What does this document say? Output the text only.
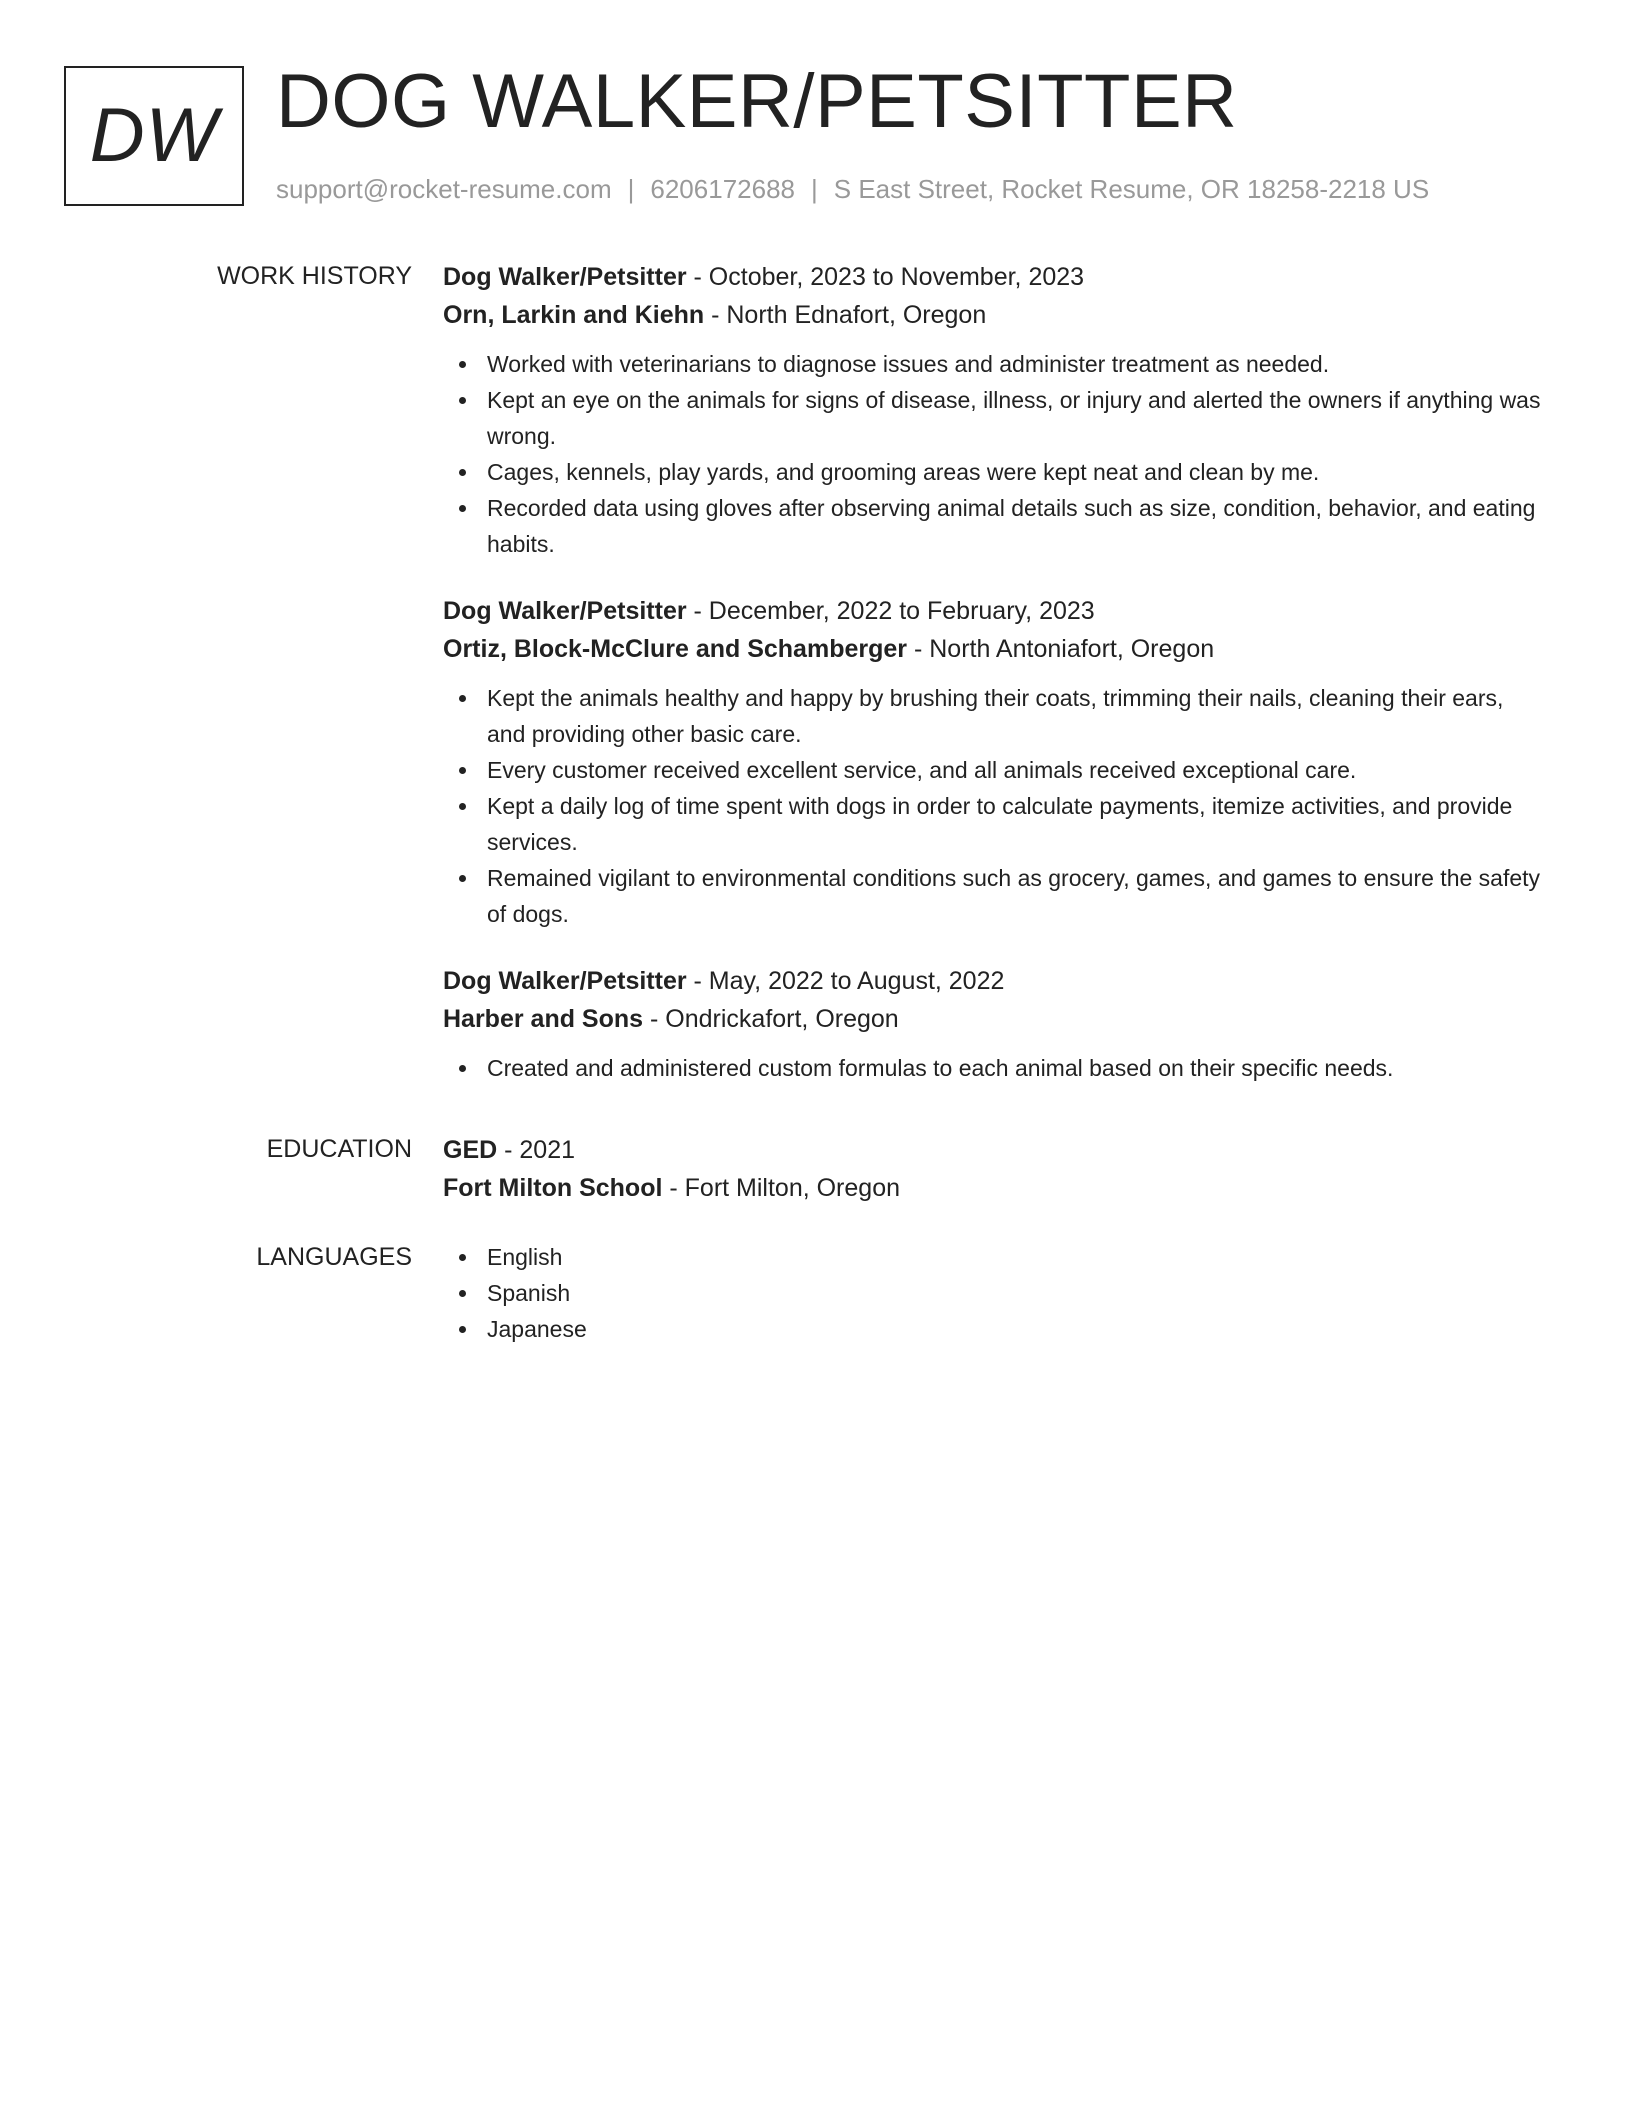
DW DOG WALKER/PETSITTER
support@rocket-resume.com | 6206172688 | S East Street, Rocket Resume, OR 18258-2218 US
WORK HISTORY Dog Walker/Petsitter - October, 2023 to November, 2023
Orn, Larkin and Kiehn - North Ednafort, Oregon
Worked with veterinarians to diagnose issues and administer treatment as needed.
Kept an eye on the animals for signs of disease, illness, or injury and alerted the owners if anything was wrong.
Cages, kennels, play yards, and grooming areas were kept neat and clean by me.
Recorded data using gloves after observing animal details such as size, condition, behavior, and eating habits.
Dog Walker/Petsitter - December, 2022 to February, 2023
Ortiz, Block-McClure and Schamberger - North Antoniafort, Oregon
Kept the animals healthy and happy by brushing their coats, trimming their nails, cleaning their ears, and providing other basic care.
Every customer received excellent service, and all animals received exceptional care.
Kept a daily log of time spent with dogs in order to calculate payments, itemize activities, and provide services.
Remained vigilant to environmental conditions such as grocery, games, and games to ensure the safety of dogs.
Dog Walker/Petsitter - May, 2022 to August, 2022
Harber and Sons - Ondrickafort, Oregon
Created and administered custom formulas to each animal based on their specific needs.
EDUCATION GED - 2021
Fort Milton School - Fort Milton, Oregon
LANGUAGES	English
Spanish
Japanese
